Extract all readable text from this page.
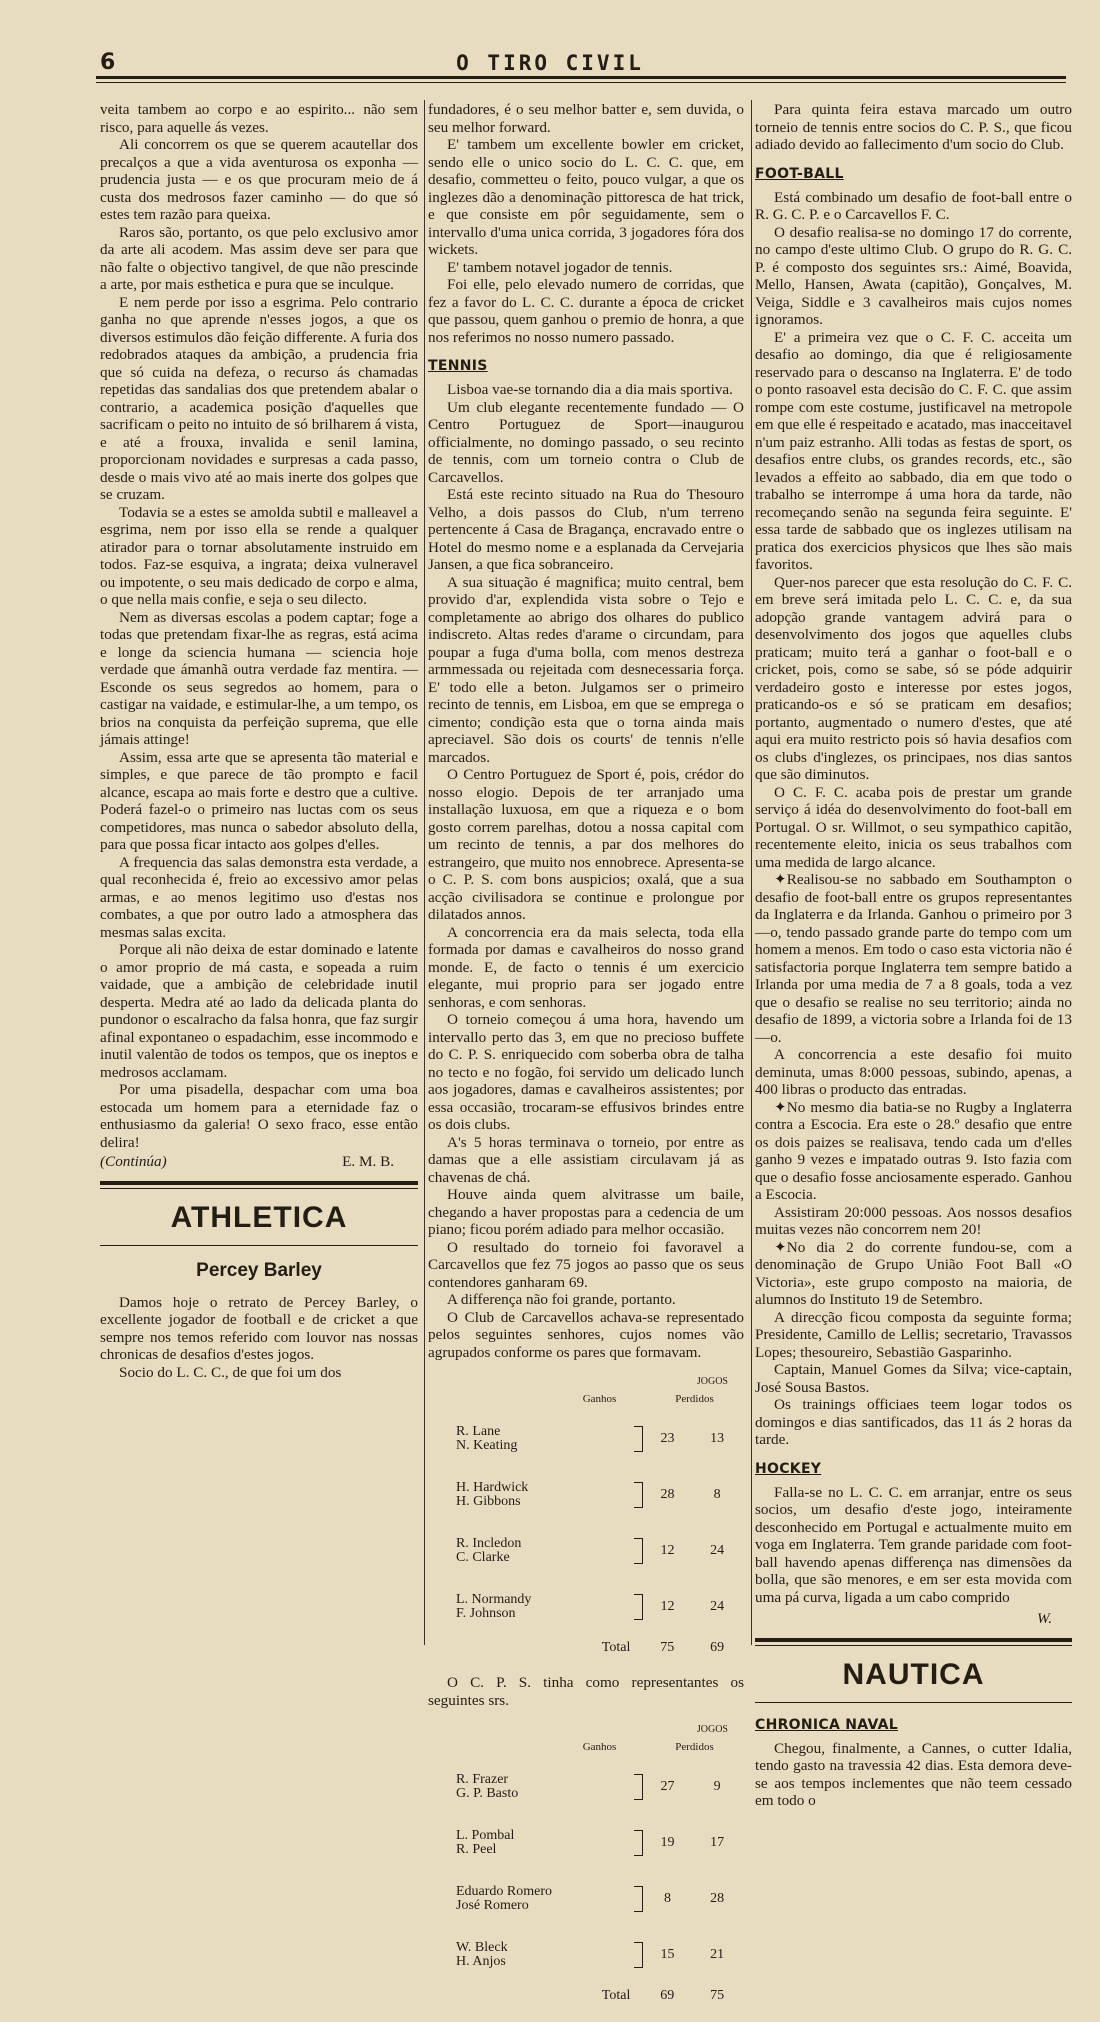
6	O TIRO CIVIL

veita tambem ao corpo e ao espirito... não sem risco, para aquelle ás vezes.

Ali concorrem os que se querem acautellar dos precalços a que a vida aventurosa os exponha — prudencia justa — e os que procuram meio de á custa dos medrosos fazer caminho — do que só estes tem razão para queixa.

Raros são, portanto, os que pelo exclusivo amor da arte ali acodem. Mas assim deve ser para que não falte o objectivo tangivel, de que não prescinde a arte, por mais esthetica e pura que se inculque.

E nem perde por isso a esgrima. Pelo contrario ganha no que aprende n'esses jogos, a que os diversos estimulos dão feição differente. A furia dos redobrados ataques da ambição, a prudencia fria que só cuida na defeza, o recurso ás chamadas repetidas das sandalias dos que pretendem abalar o contrario, a academica posição d'aquelles que sacrificam o peito no intuito de só brilharem á vista, e até a frouxa, invalida e senil lamina, proporcionam novidades e surpresas a cada passo, desde o mais vivo até ao mais inerte dos golpes que se cruzam.

Todavia se a estes se amolda subtil e malleavel a esgrima, nem por isso ella se rende a qualquer atirador para o tornar absolutamente instruido em todos. Faz-se esquiva, a ingrata; deixa vulneravel ou impotente, o seu mais dedicado de corpo e alma, o que nella mais confie, e seja o seu dilecto.

Nem as diversas escolas a podem captar; foge a todas que pretendam fixar-lhe as regras, está acima e longe da sciencia humana — sciencia hoje verdade que ámanhã outra verdade faz mentira. — Esconde os seus segredos ao homem, para o castigar na vaidade, e estimular-lhe, a um tempo, os brios na conquista da perfeição suprema, que elle jámais attinge!

Assim, essa arte que se apresenta tão material e simples, e que parece de tão prompto e facil alcance, escapa ao mais forte e destro que a cultive. Poderá fazel-o o primeiro nas luctas com os seus competidores, mas nunca o sabedor absoluto della, para que possa ficar intacto aos golpes d'elles.

A frequencia das salas demonstra esta verdade, a qual reconhecida é, freio ao excessivo amor pelas armas, e ao menos legitimo uso d'estas nos combates, a que por outro lado a atmosphera das mesmas salas excita.

Porque ali não deixa de estar dominado e latente o amor proprio de má casta, e sopeada a ruim vaidade, que a ambição de celebridade inutil desperta. Medra até ao lado da delicada planta do pundonor o escalracho da falsa honra, que faz surgir afinal expontaneo o espadachim, esse incommodo e inutil valentão de todos os tempos, que os ineptos e medrosos acclamam.

Por uma pisadella, despachar com uma boa estocada um homem para a eternidade faz o enthusiasmo da galeria! O sexo fraco, esse então delira!

(Continúa)	E. M. B.
ATHLETICA
Percey Barley

Damos hoje o retrato de Percey Barley, o excellente jogador de football e de cricket a que sempre nos temos referido com louvor nas nossas chronicas de desafios d'estes jogos.

Socio do L. C. C., de que foi um dos

fundadores, é o seu melhor batter e, sem duvida, o seu melhor forward.

E' tambem um excellente bowler em cricket, sendo elle o unico socio do L. C. C. que, em desafio, commetteu o feito, pouco vulgar, a que os inglezes dão a denominação pittoresca de hat trick, e que consiste em pôr seguidamente, sem o intervallo d'uma unica corrida, 3 jogadores fóra dos wickets.

E' tambem notavel jogador de tennis.

Foi elle, pelo elevado numero de corridas, que fez a favor do L. C. C. durante a época de cricket que passou, quem ganhou o premio de honra, a que nos referimos no nosso numero passado.

TENNIS

Lisboa vae-se tornando dia a dia mais sportiva.

Um club elegante recentemente fundado — O Centro Portuguez de Sport—inaugurou officialmente, no domingo passado, o seu recinto de tennis, com um torneio contra o Club de Carcavellos.

Está este recinto situado na Rua do Thesouro Velho, a dois passos do Club, n'um terreno pertencente á Casa de Bragança, encravado entre o Hotel do mesmo nome e a esplanada da Cervejaria Jansen, a que fica sobranceiro.

A sua situação é magnifica; muito central, bem provido d'ar, explendida vista sobre o Tejo e completamente ao abrigo dos olhares do publico indiscreto. Altas redes d'arame o circundam, para poupar a fuga d'uma bolla, com menos destreza armmessada ou rejeitada com desnecessaria força. E' todo elle a beton. Julgamos ser o primeiro recinto de tennis, em Lisboa, em que se emprega o cimento; condição esta que o torna ainda mais apreciavel. São dois os courts' de tennis n'elle marcados.

O Centro Portuguez de Sport é, pois, crédor do nosso elogio. Depois de ter arranjado uma installação luxuosa, em que a riqueza e o bom gosto correm parelhas, dotou a nossa capital com um recinto de tennis, a par dos melhores do estrangeiro, que muito nos ennobrece. Apresenta-se o C. P. S. com bons auspicios; oxalá, que a sua acção civilisadora se continue e prolongue por dilatados annos.

A concorrencia era da mais selecta, toda ella formada por damas e cavalheiros do nosso grand monde. E, de facto o tennis é um exercicio elegante, mui proprio para ser jogado entre senhoras, e com senhoras.

O torneio começou á uma hora, havendo um intervallo perto das 3, em que no precioso buffete do C. P. S. enriquecido com soberba obra de talha no tecto e no fogão, foi servido um delicado lunch aos jogadores, damas e cavalheiros assistentes; por essa occasião, trocaram-se effusivos brindes entre os dois clubs.

A's 5 horas terminava o torneio, por entre as damas que a elle assistiam circulavam já as chavenas de chá.

Houve ainda quem alvitrasse um baile, chegando a haver propostas para a cedencia de um piano; ficou porém adiado para melhor occasião.

O resultado do torneio foi favoravel a Carcavellos que fez 75 jogos ao passo que os seus contendores ganharam 69.

A differença não foi grande, portanto.

O Club de Carcavellos achava-se representado pelos seguintes senhores, cujos nomes vão agrupados conforme os pares que formavam.

JOGOS
Ganhos	Perdidos
R. Lane
N. Keating	23	13
H. Hardwick
H. Gibbons	28	8
R. Incledon
C. Clarke	12	24
L. Normandy
F. Johnson	12	24
Total	75	69

O C. P. S. tinha como representantes os seguintes srs.

JOGOS
Ganhos	Perdidos
R. Frazer
G. P. Basto	27	9
L. Pombal
R. Peel	19	17
Eduardo Romero
José Romero	8	28
W. Bleck
H. Anjos	15	21
Total	69	75

Para quinta feira estava marcado um outro torneio de tennis entre socios do C. P. S., que ficou adiado devido ao fallecimento d'um socio do Club.

FOOT-BALL

Está combinado um desafio de foot-ball entre o R. G. C. P. e o Carcavellos F. C.

O desafio realisa-se no domingo 17 do corrente, no campo d'este ultimo Club. O grupo do R. G. C. P. é composto dos seguintes srs.: Aimé, Boavida, Mello, Hansen, Awata (capitão), Gonçalves, M. Veiga, Siddle e 3 cavalheiros mais cujos nomes ignoramos.

E' a primeira vez que o C. F. C. acceita um desafio ao domingo, dia que é religiosamente reservado para o descanso na Inglaterra. E' de todo o ponto rasoavel esta decisão do C. F. C. que assim rompe com este costume, justificavel na metropole em que elle é respeitado e acatado, mas inacceitavel n'um paiz estranho. Alli todas as festas de sport, os desafios entre clubs, os grandes records, etc., são levados a effeito ao sabbado, dia em que todo o trabalho se interrompe á uma hora da tarde, não recomeçando senão na segunda feira seguinte. E' essa tarde de sabbado que os inglezes utilisam na pratica dos exercicios physicos que lhes são mais favoritos.

Quer-nos parecer que esta resolução do C. F. C. em breve será imitada pelo L. C. C. e, da sua adopção grande vantagem advirá para o desenvolvimento dos jogos que aquelles clubs praticam; muito terá a ganhar o foot-ball e o cricket, pois, como se sabe, só se póde adquirir verdadeiro gosto e interesse por estes jogos, praticando-os e só se praticam em desafios; portanto, augmentado o numero d'estes, que até aqui era muito restricto pois só havia desafios com os clubs d'inglezes, os principaes, nos dias santos que são diminutos.

O C. F. C. acaba pois de prestar um grande serviço á idéa do desenvolvimento do foot-ball em Portugal. O sr. Willmot, o seu sympathico capitão, recentemente eleito, inicia os seus trabalhos com uma medida de largo alcance.

✦Realisou-se no sabbado em Southampton o desafio de foot-ball entre os grupos representantes da Inglaterra e da Irlanda. Ganhou o primeiro por 3—o, tendo passado grande parte do tempo com um homem a menos. Em todo o caso esta victoria não é satisfactoria porque Inglaterra tem sempre batido a Irlanda por uma media de 7 a 8 goals, toda a vez que o desafio se realise no seu territorio; ainda no desafio de 1899, a victoria sobre a Irlanda foi de 13—o.

A concorrencia a este desafio foi muito deminuta, umas 8:000 pessoas, subindo, apenas, a 400 libras o producto das entradas.

✦No mesmo dia batia-se no Rugby a Inglaterra contra a Escocia. Era este o 28.º desafio que entre os dois paizes se realisava, tendo cada um d'elles ganho 9 vezes e impatado outras 9. Isto fazia com que o desafio fosse anciosamente esperado. Ganhou a Escocia.

Assistiram 20:000 pessoas. Aos nossos desafios muitas vezes não concorrem nem 20!

✦No dia 2 do corrente fundou-se, com a denominação de Grupo União Foot Ball «O Victoria», este grupo composto na maioria, de alumnos do Instituto 19 de Setembro.

A direcção ficou composta da seguinte forma; Presidente, Camillo de Lellis; secretario, Travassos Lopes; thesoureiro, Sebastião Gasparinho.

Captain, Manuel Gomes da Silva; vice-captain, José Sousa Bastos.

Os trainings officiaes teem logar todos os domingos e dias santificados, das 11 ás 2 horas da tarde.

HOCKEY

Falla-se no L. C. C. em arranjar, entre os seus socios, um desafio d'este jogo, inteiramente desconhecido em Portugal e actualmente muito em voga em Inglaterra. Tem grande paridade com foot-ball havendo apenas differença nas dimensões da bolla, que são menores, e em ser esta movida com uma pá curva, ligada a um cabo comprido

W.
NAUTICA
CHRONICA NAVAL

Chegou, finalmente, a Cannes, o cutter Idalia, tendo gasto na travessia 42 dias. Esta demora deve-se aos tempos inclementes que não teem cessado em todo o
